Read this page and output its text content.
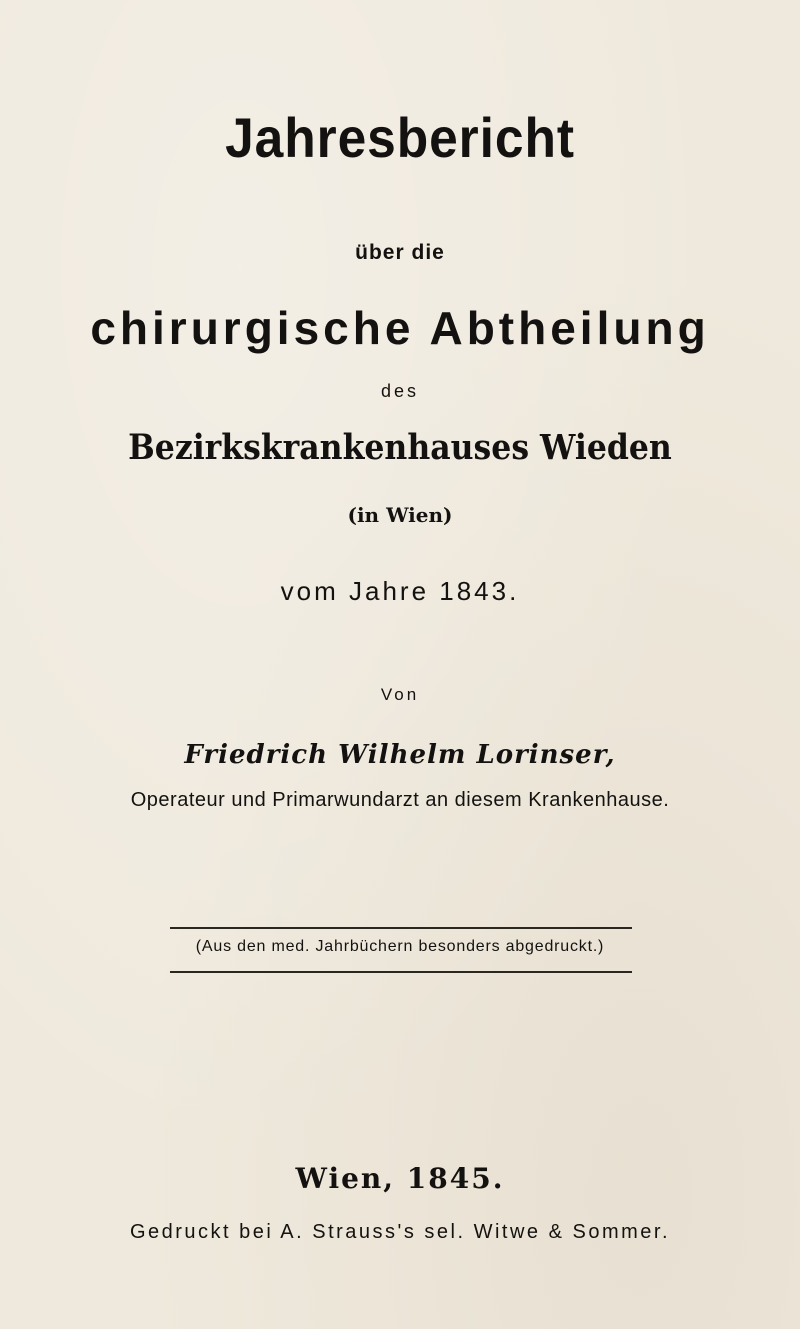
Jahresbericht
über die
chirurgische Abtheilung
des
Bezirkskrankenhauses Wieden
(in Wien)
vom Jahre 1843.
Von
Friedrich Wilhelm Lorinser,
Operateur und Primarwundarzt an diesem Krankenhause.
(Aus den med. Jahrbüchern besonders abgedruckt.)
Wien, 1845.
Gedruckt bei A. Strauss's sel. Witwe & Sommer.
